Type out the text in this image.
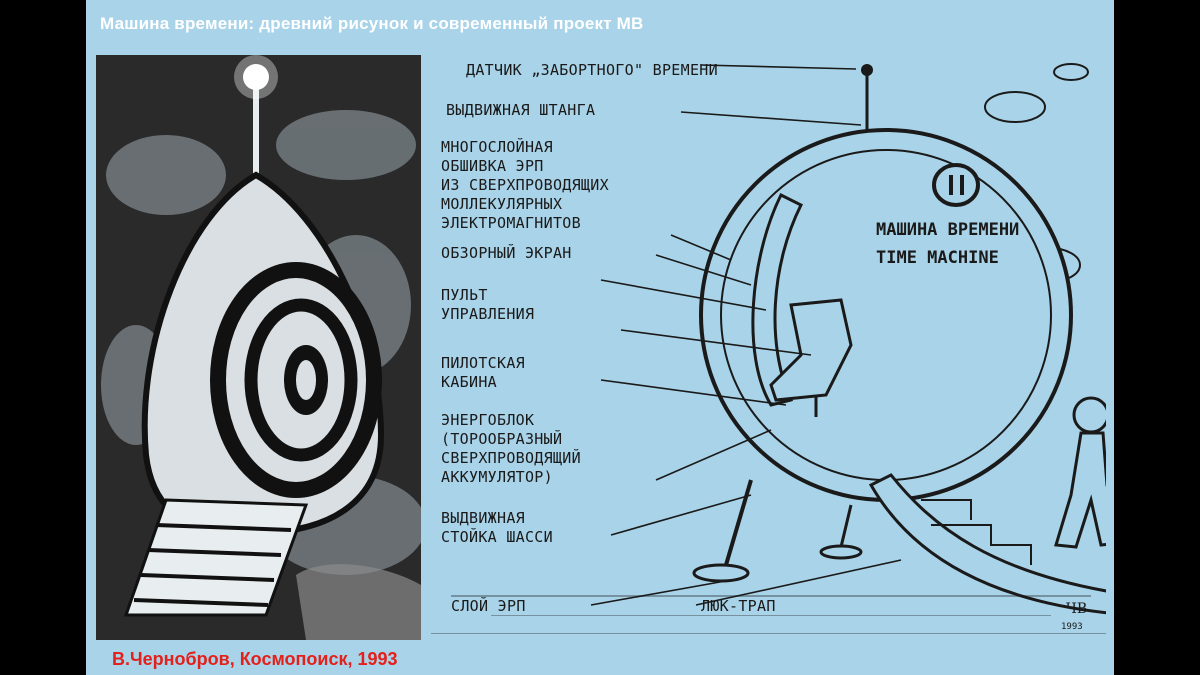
МАШИНА ВРЕМЕНИ
TIME MACHINE
ДАТЧИК „ЗАБОРТНОГО" ВРЕМЕНИ
ВЫДВИЖНАЯ ШТАНГА
МНОГОСЛОЙНАЯ
ОБШИВКА ЭРП
ИЗ СВЕРХПРОВОДЯЩИХ
МОЛЛЕКУЛЯРНЫХ
ЭЛЕКТРОМАГНИТОВ
ОБЗОРНЫЙ ЭКРАН
ПУЛЬТ
УПРАВЛЕНИЯ
ПИЛОТСКАЯ
КАБИНА
ЭНЕРГОБЛОК
(ТОРООБРАЗНЫЙ
СВЕРХПРОВОДЯЩИЙ
АККУМУЛЯТОР)
ВЫДВИЖНАЯ
СТОЙКА ШАССИ
СЛОЙ ЭРП	ЛЮК-ТРАП	ЧВ
1993
Машина времени: древний рисунок и современный проект МВ
В.Чернобров, Космопоиск, 1993
